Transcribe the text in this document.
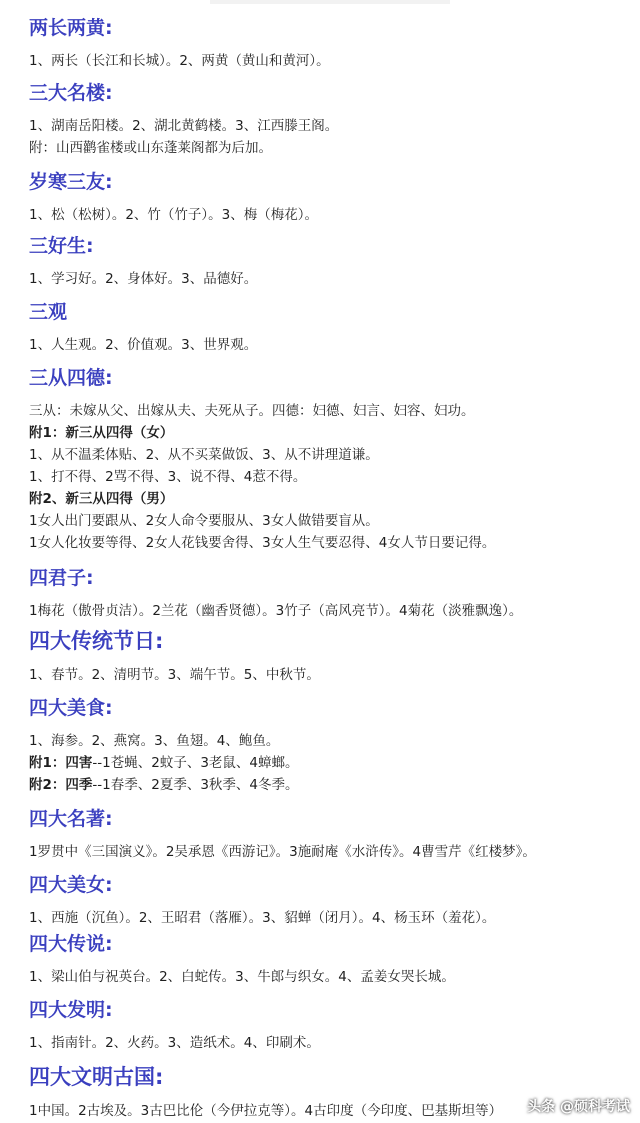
两长两黄:
1、两长（长江和长城）。2、两黄（黄山和黄河）。
三大名楼:
1、湖南岳阳楼。2、湖北黄鹤楼。3、江西滕王阁。
附：山西鹳雀楼或山东蓬莱阁都为后加。
岁寒三友:
1、松（松树）。2、竹（竹子）。3、梅（梅花）。
三好生:
1、学习好。2、身体好。3、品德好。
三观
1、人生观。2、价值观。3、世界观。
三从四德:
三从：未嫁从父、出嫁从夫、夫死从子。四德：妇德、妇言、妇容、妇功。
附1：新三从四得（女）
1、从不温柔体贴、2、从不买菜做饭、3、从不讲理道谦。
1、打不得、2骂不得、3、说不得、4惹不得。
附2、新三从四得（男）
1女人出门要跟从、2女人命令要服从、3女人做错要盲从。
1女人化妆要等得、2女人花钱要舍得、3女人生气要忍得、4女人节日要记得。
四君子:
1梅花（傲骨贞洁）。2兰花（幽香贤德）。3竹子（高风亮节）。4菊花（淡雅飘逸）。
四大传统节日:
1、春节。2、清明节。3、端午节。5、中秋节。
四大美食:
1、海参。2、燕窝。3、鱼翅。4、鲍鱼。
附1：四害--1苍蝇、2蚊子、3老鼠、4蟑螂。
附2：四季--1春季、2夏季、3秋季、4冬季。
四大名著:
1罗贯中《三国演义》。2吴承恩《西游记》。3施耐庵《水浒传》。4曹雪芹《红楼梦》。
四大美女:
1、西施（沉鱼）。2、王昭君（落雁）。3、貂蝉（闭月）。4、杨玉环（羞花）。
四大传说:
1、梁山伯与祝英台。2、白蛇传。3、牛郎与织女。4、孟姜女哭长城。
四大发明:
1、指南针。2、火药。3、造纸术。4、印刷术。
四大文明古国:
1中国。2古埃及。3古巴比伦（今伊拉克等）。4古印度（今印度、巴基斯坦等）	头条 @硕科考试
